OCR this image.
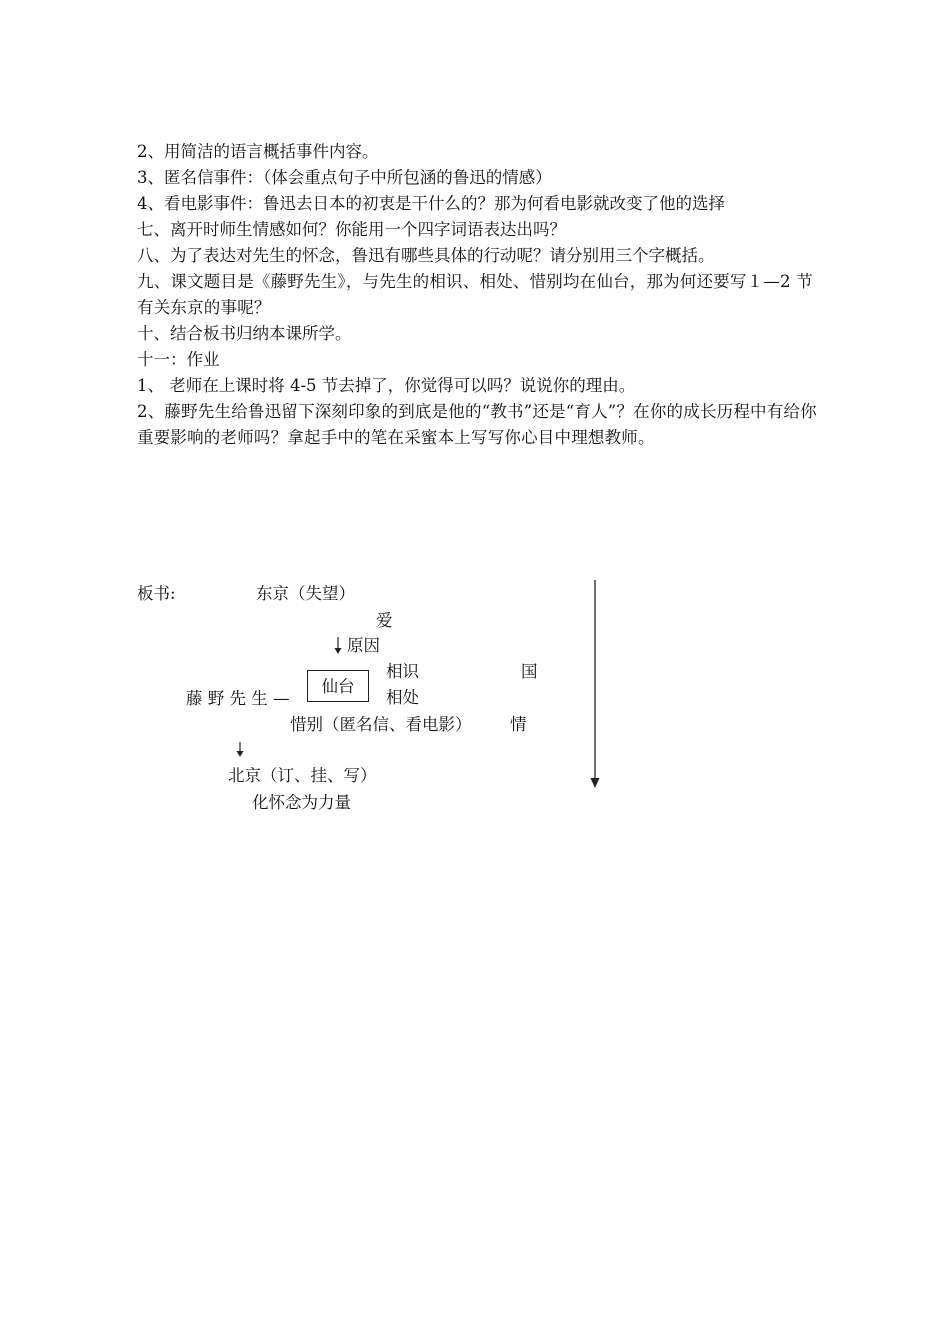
2、用简洁的语言概括事件内容。
3、匿名信事件：（体会重点句子中所包涵的鲁迅的情感）
4、看电影事件：鲁迅去日本的初衷是干什么的？那为何看电影就改变了他的选择
七、离开时师生情感如何？你能用一个四字词语表达出吗？
八、为了表达对先生的怀念，鲁迅有哪些具体的行动呢？请分别用三个字概括。
九、课文题目是《藤野先生》，与先生的相识、相处、惜别均在仙台，那为何还要写１—2 节有关东京的事呢？
十、结合板书归纳本课所学。
十一：作业
1、 老师在上课时将 4-5 节去掉了，你觉得可以吗？说说你的理由。
2、藤野先生给鲁迅留下深刻印象的到底是他的“教书”还是“育人”？在你的成长历程中有给你重要影响的老师吗？拿起手中的笔在采蜜本上写写你心目中理想教师。
板书:	东京（失望）
爱
原因
藤 野 先 生 —
仙台
相识
相处
国
惜别（匿名信、看电影） 情
北京（订、挂、写）
化怀念为力量
